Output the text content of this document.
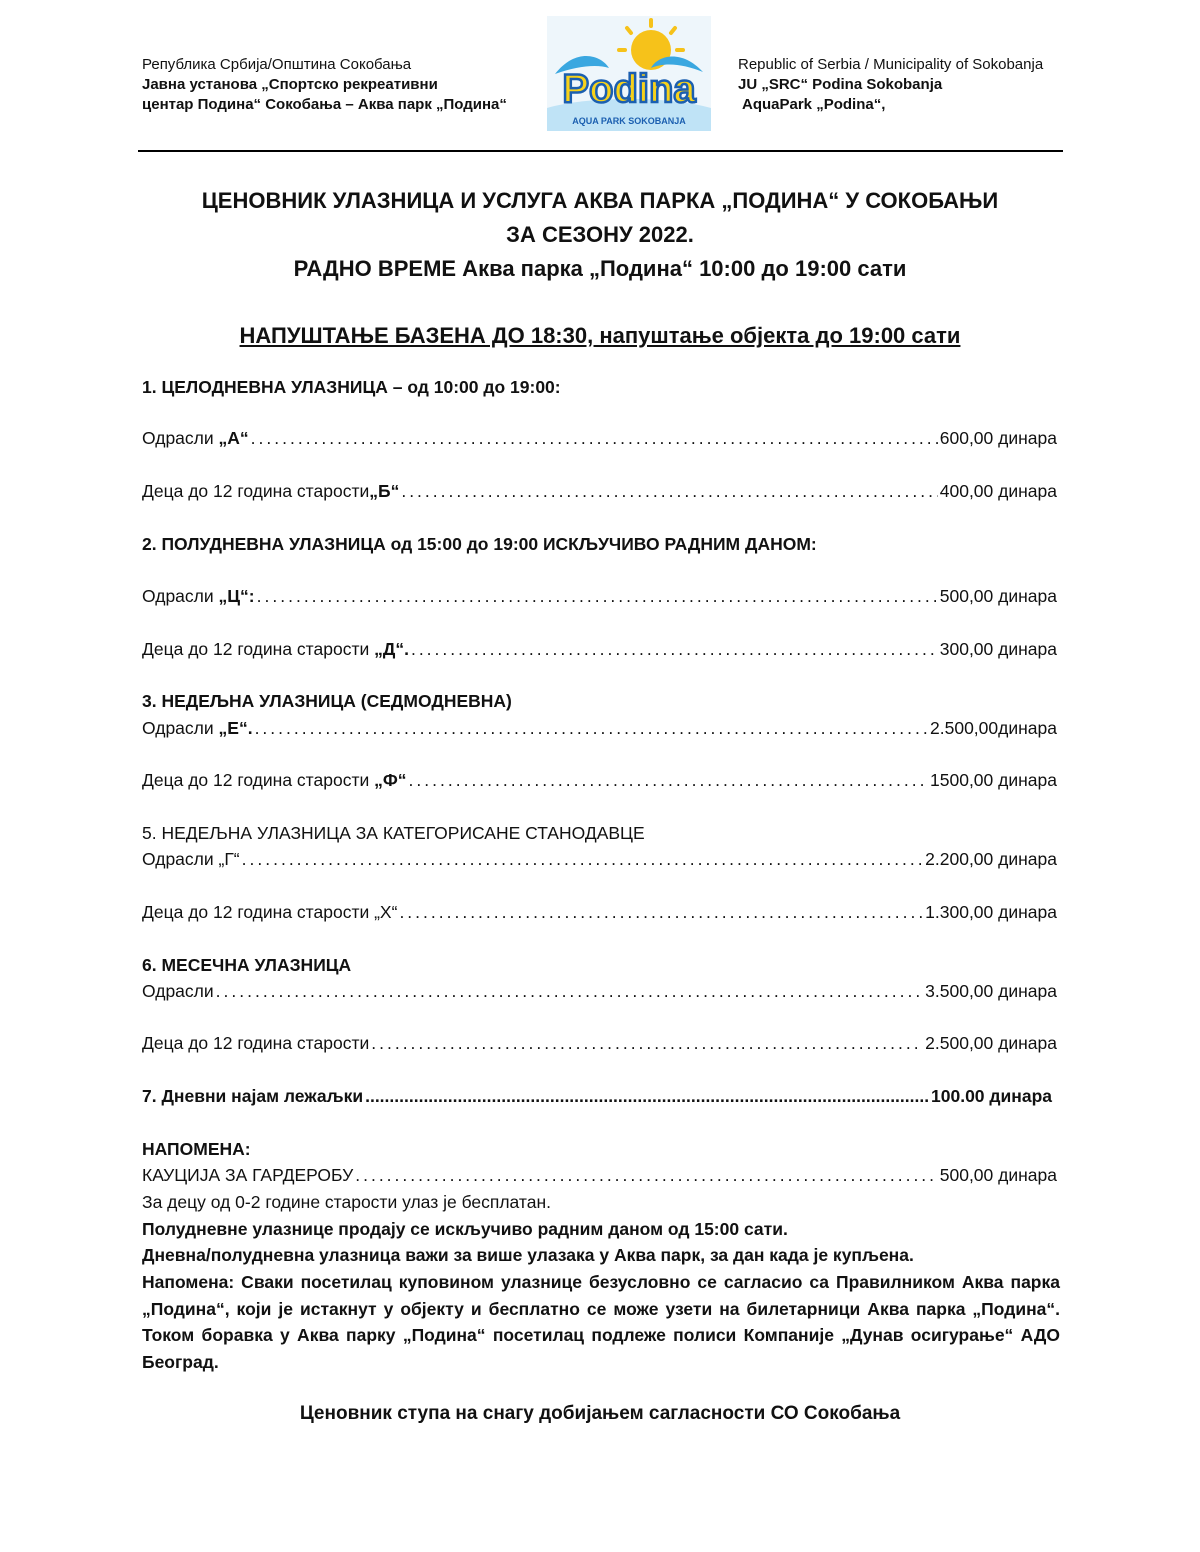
Република Србија/Општина Сокобања
Јавна установа „Спортско рекреативни
центар Подина“ Сокобања – Аква парк „Подина“ Podina
AQUA PARK SOKOBANJA
Republic of Serbia / Municipality of Sokobanja
JU „SRC“ Podina Sokobanja
AquaPark „Podina“,
ЦЕНОВНИК УЛАЗНИЦА И УСЛУГА АКВА ПАРКА „ПОДИНА“ У СОКОБАЊИ
ЗА СЕЗОНУ 2022.
РАДНО ВРЕМЕ Аква парка „Подина“ 10:00 до 19:00 сати
НАПУШТАЊЕ БАЗЕНА ДО 18:30, напуштање објекта до 19:00 сати
1. ЦЕЛОДНЕВНА УЛАЗНИЦА – од 10:00 до 19:00:
Одрасли „А“ .....	600,00 динара
Деца до 12 година старости„Б“ .....	400,00 динара
2. ПОЛУДНЕВНА УЛАЗНИЦА од 15:00 до 19:00 ИСКЉУЧИВО РАДНИМ ДАНОМ:
Одрасли „Ц“: .....	500,00 динара
Деца до 12 година старости „Д“. .....	300,00 динара
3. НЕДЕЉНА УЛАЗНИЦА (СЕДМОДНЕВНА)
Одрасли „Е“. .....	2.500,00динара
Деца до 12 година старости „Ф“ .....	1500,00 динара
5. НЕДЕЉНА УЛАЗНИЦА ЗА КАТЕГОРИСАНЕ СТАНОДАВЦЕ
Одрасли „Г“ .....	2.200,00 динара
Деца до 12 година старости „Х“ .....	1.300,00 динара
6. МЕСЕЧНА УЛАЗНИЦА
Одрасли .....	3.500,00 динара
Деца до 12 година старости .....	2.500,00 динара
7. Дневни најам лежаљки .....	100.00 динара
НАПОМЕНА:
КАУЦИЈА ЗА ГАРДЕРОБУ .....	500,00 динара
За децу од 0-2 године старости улаз је бесплатан.
Полудневне улазнице продају се искључиво радним даном од 15:00 сати.
Дневна/полудневна улазница важи за више улазака у Аква парк, за дан када је купљена.
Напомена: Сваки посетилац куповином улазнице безусловно се сагласио са Правилником Аква парка „Подина“, који је истакнут у објекту и бесплатно се може узети на билетарници Аква парка „Подина“. Током боравка у Аква парку „Подина“ посетилац подлеже полиси Компаније „Дунав осигурање“ АДО Београд.
Ценовник ступа на снагу добијањем сагласности СО Сокобања
